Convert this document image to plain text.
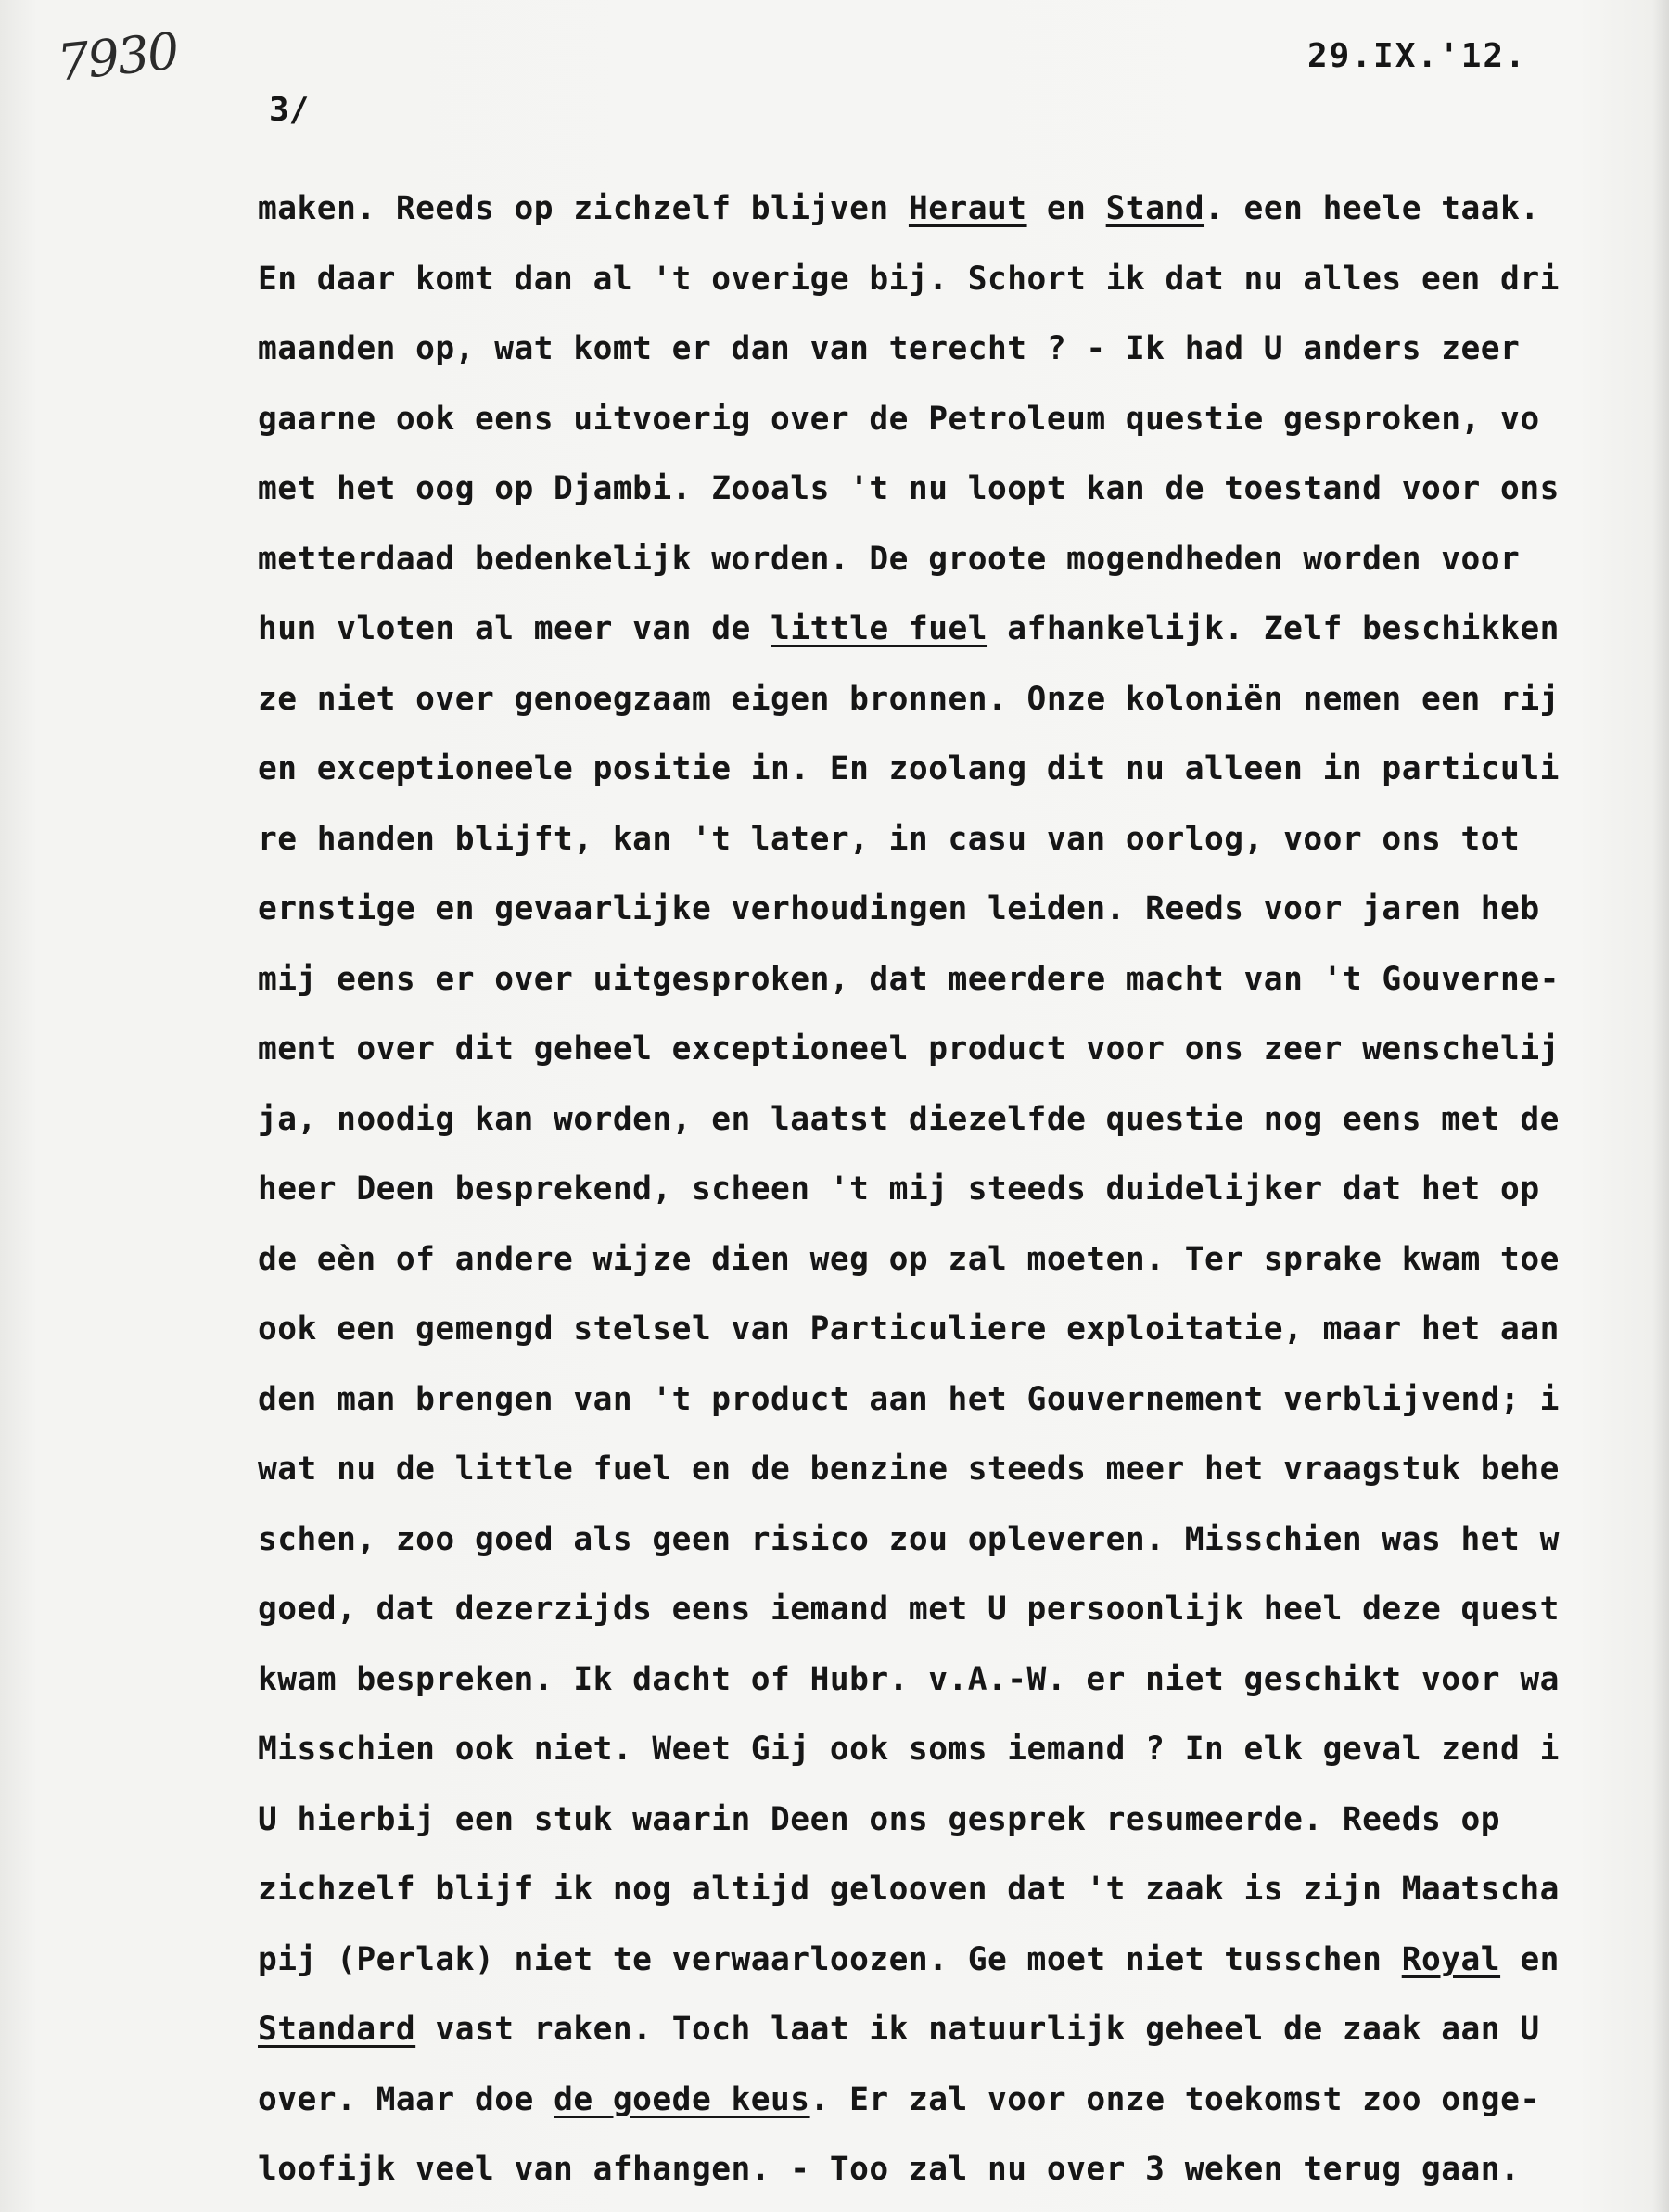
7930	29.IX.'12.
3/
maken. Reeds op zichzelf blijven Heraut en Stand. een heele taak.
En daar komt dan al 't overige bij. Schort ik dat nu alles een dri
maanden op, wat komt er dan van terecht ? - Ik had U anders zeer
gaarne ook eens uitvoerig over de Petroleum questie gesproken, vo
met het oog op Djambi. Zooals 't nu loopt kan de toestand voor ons
metterdaad bedenkelijk worden. De groote mogendheden worden voor
hun vloten al meer van de little fuel afhankelijk. Zelf beschikken
ze niet over genoegzaam eigen bronnen. Onze koloniën nemen een rij
en exceptioneele positie in. En zoolang dit nu alleen in particuli
re handen blijft, kan 't later, in casu van oorlog, voor ons tot
ernstige en gevaarlijke verhoudingen leiden. Reeds voor jaren heb
mij eens er over uitgesproken, dat meerdere macht van 't Gouverne-
ment over dit geheel exceptioneel product voor ons zeer wenschelij
ja, noodig kan worden, en laatst diezelfde questie nog eens met de
heer Deen besprekend, scheen 't mij steeds duidelijker dat het op
de eèn of andere wijze dien weg op zal moeten. Ter sprake kwam toe
ook een gemengd stelsel van Particuliere exploitatie, maar het aan
den man brengen van 't product aan het Gouvernement verblijvend; i
wat nu de little fuel en de benzine steeds meer het vraagstuk behe
schen, zoo goed als geen risico zou opleveren. Misschien was het w
goed, dat dezerzijds eens iemand met U persoonlijk heel deze quest
kwam bespreken. Ik dacht of Hubr. v.A.-W. er niet geschikt voor wa
Misschien ook niet. Weet Gij ook soms iemand ? In elk geval zend i
U hierbij een stuk waarin Deen ons gesprek resumeerde. Reeds op
zichzelf blijf ik nog altijd gelooven dat 't zaak is zijn Maatscha
pij (Perlak) niet te verwaarloozen. Ge moet niet tusschen Royal en
Standard vast raken. Toch laat ik natuurlijk geheel de zaak aan U
over. Maar doe de goede keus. Er zal voor onze toekomst zoo onge-
loofijk veel van afhangen. - Too zal nu over 3 weken terug gaan.
